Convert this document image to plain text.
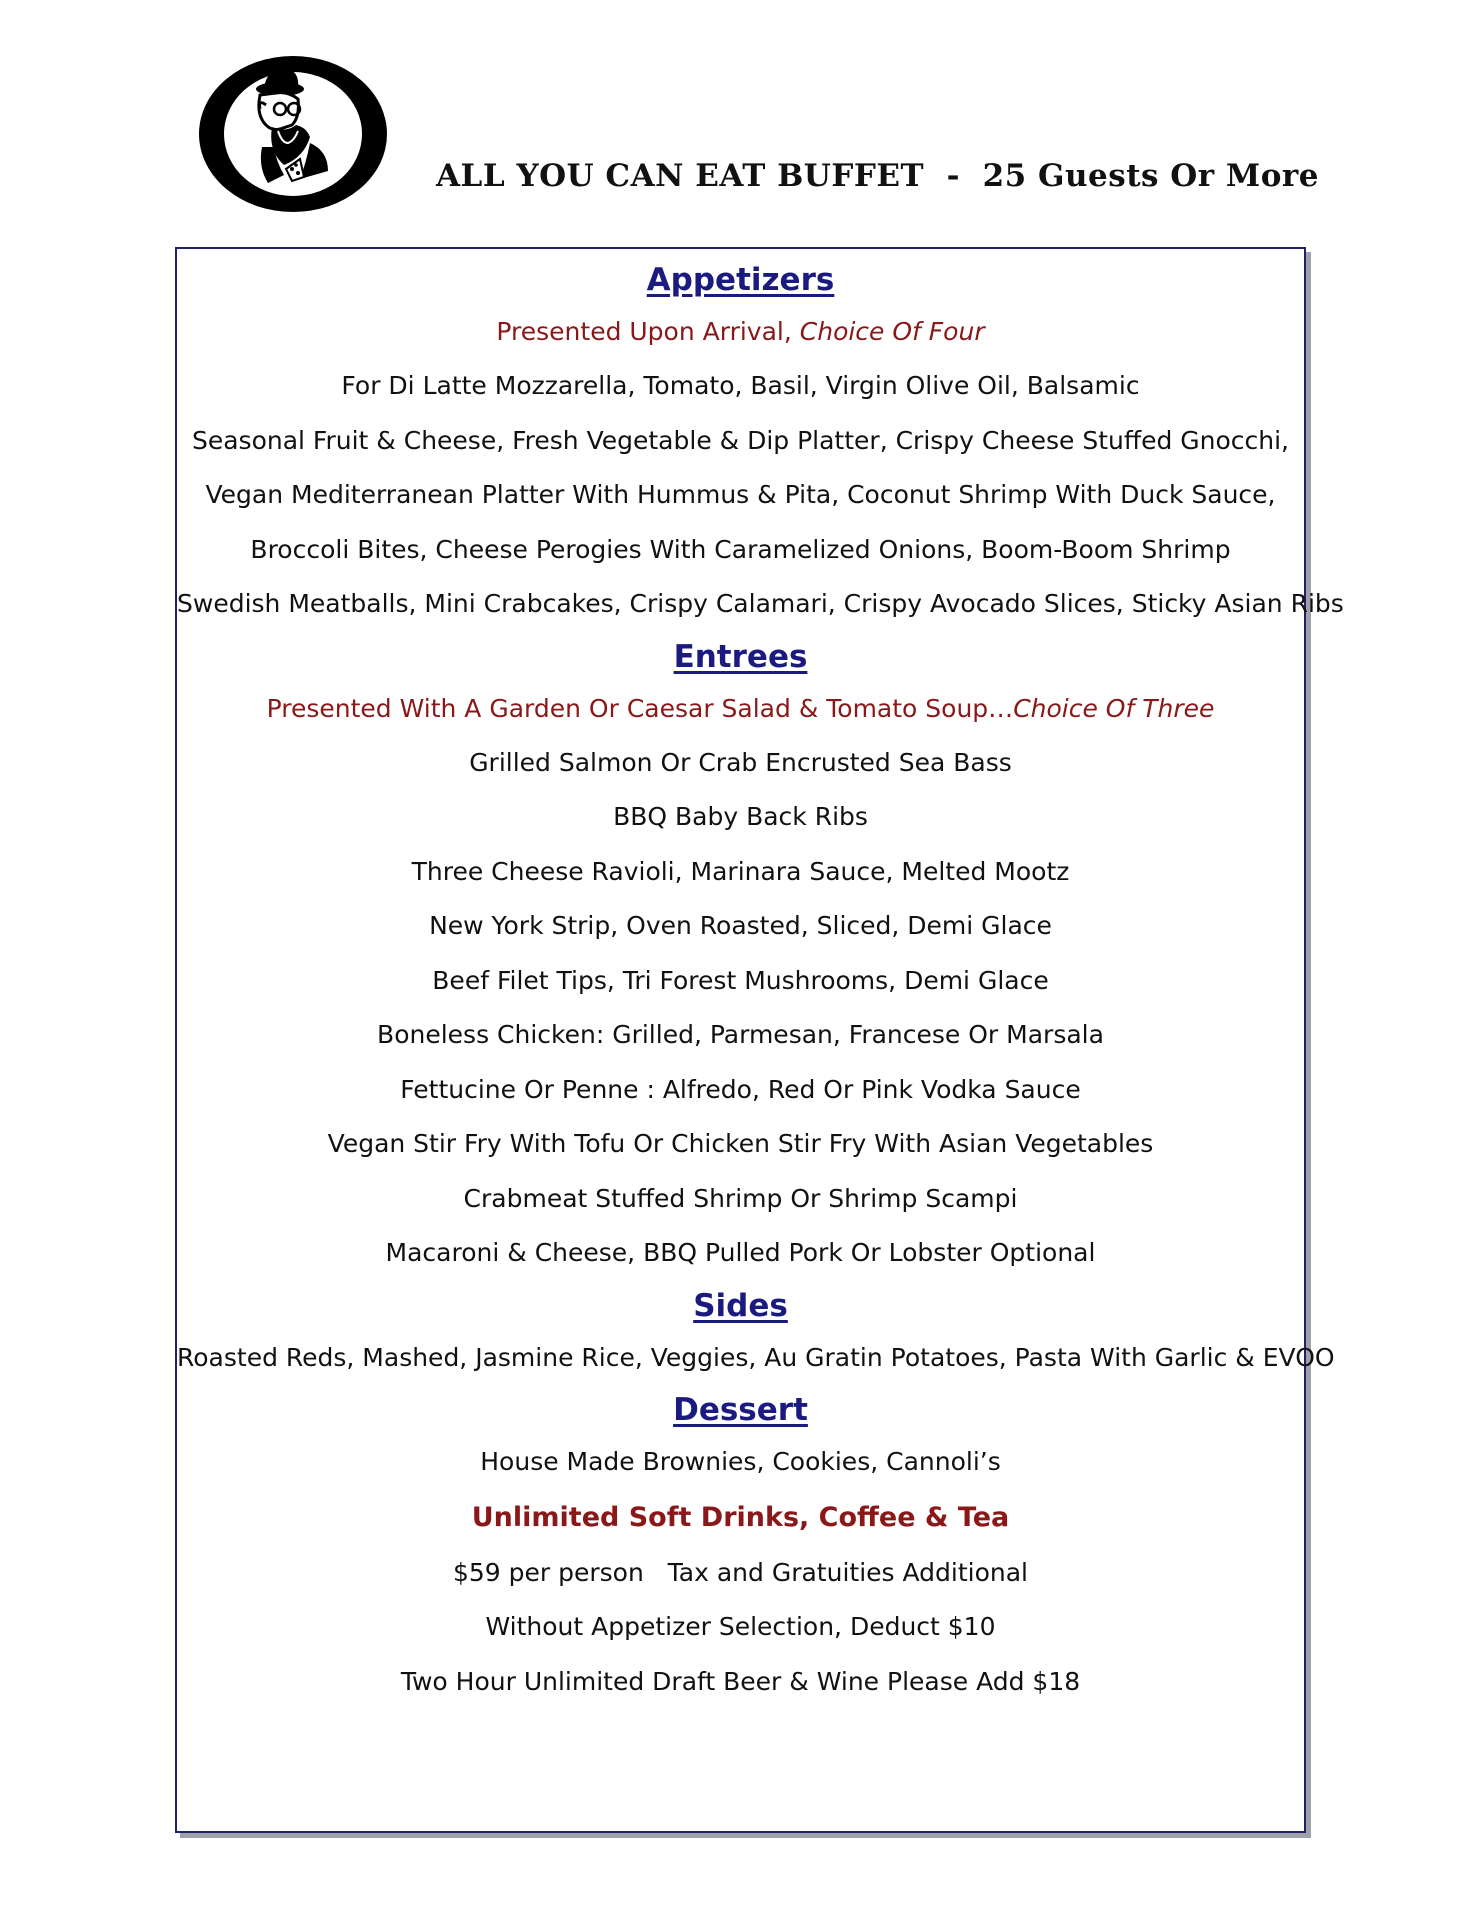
ALL YOU CAN EAT BUFFET  -  25 Guests Or More
Appetizers
Presented Upon Arrival, Choice Of Four
For Di Latte Mozzarella, Tomato, Basil, Virgin Olive Oil, Balsamic
Seasonal Fruit & Cheese, Fresh Vegetable & Dip Platter, Crispy Cheese Stuffed Gnocchi,
Vegan Mediterranean Platter With Hummus & Pita, Coconut Shrimp With Duck Sauce,
Broccoli Bites, Cheese Perogies With Caramelized Onions, Boom-Boom Shrimp
Swedish Meatballs, Mini Crabcakes, Crispy Calamari, Crispy Avocado Slices, Sticky Asian Ribs
Entrees
Presented With A Garden Or Caesar Salad & Tomato Soup…Choice Of Three
Grilled Salmon Or Crab Encrusted Sea Bass
BBQ Baby Back Ribs
Three Cheese Ravioli, Marinara Sauce, Melted Mootz
New York Strip, Oven Roasted, Sliced, Demi Glace
Beef Filet Tips, Tri Forest Mushrooms, Demi Glace
Boneless Chicken: Grilled, Parmesan, Francese Or Marsala
Fettucine Or Penne : Alfredo, Red Or Pink Vodka Sauce
Vegan Stir Fry With Tofu Or Chicken Stir Fry With Asian Vegetables
Crabmeat Stuffed Shrimp Or Shrimp Scampi
Macaroni & Cheese, BBQ Pulled Pork Or Lobster Optional
Sides
Roasted Reds, Mashed, Jasmine Rice, Veggies, Au Gratin Potatoes, Pasta With Garlic & EVOO
Dessert
House Made Brownies, Cookies, Cannoli’s
Unlimited Soft Drinks, Coffee & Tea
$59 per person   Tax and Gratuities Additional
Without Appetizer Selection, Deduct $10
Two Hour Unlimited Draft Beer & Wine Please Add $18
